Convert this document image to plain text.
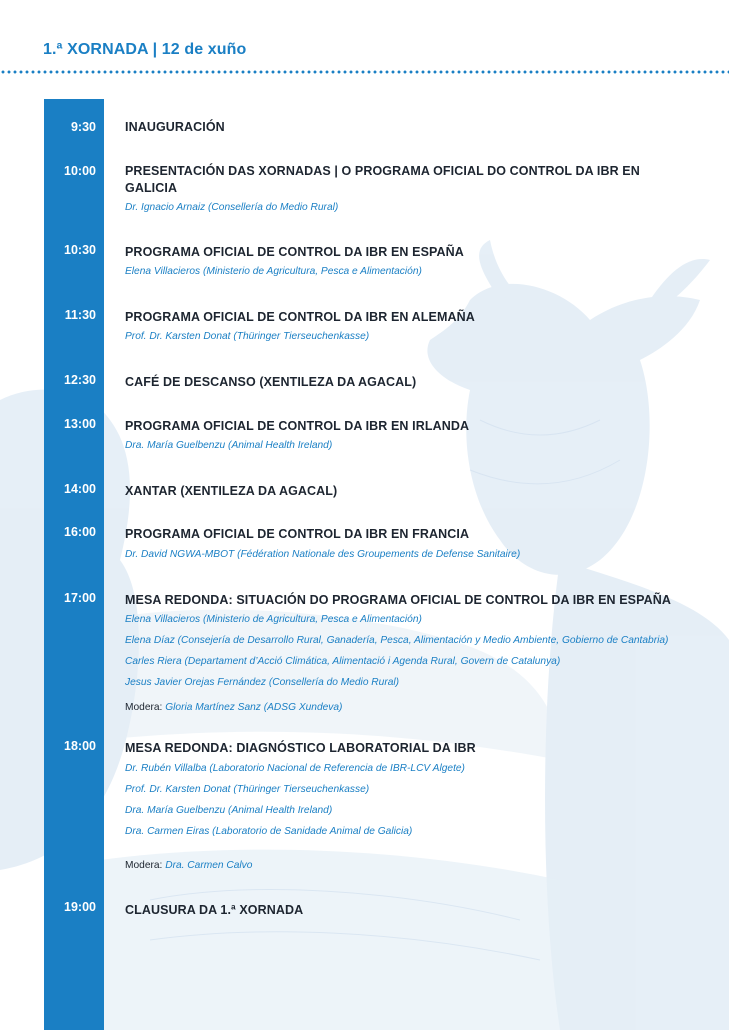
1.ª XORNADA | 12 de xuño
9:30 INAUGURACIÓN
10:00 PRESENTACIÓN DAS XORNADAS | O PROGRAMA OFICIAL DO CONTROL DA IBR EN GALICIA
Dr. Ignacio Arnaiz (Consellería do Medio Rural)
10:30 PROGRAMA OFICIAL DE CONTROL DA IBR EN ESPAÑA
Elena Villacieros (Ministerio de Agricultura, Pesca e Alimentación)
11:30 PROGRAMA OFICIAL DE CONTROL DA IBR EN ALEMAÑA
Prof. Dr. Karsten Donat (Thüringer Tierseuchenkasse)
12:30 CAFÉ DE DESCANSO (XENTILEZA DA AGACAL)
13:00 PROGRAMA OFICIAL DE CONTROL DA IBR EN IRLANDA
Dra. María Guelbenzu (Animal Health Ireland)
14:00 XANTAR (XENTILEZA DA AGACAL)
16:00 PROGRAMA OFICIAL DE CONTROL DA IBR EN FRANCIA
Dr. David NGWA-MBOT (Fédération Nationale des Groupements de Defense Sanitaire)
17:00 MESA REDONDA: SITUACIÓN DO PROGRAMA OFICIAL DE CONTROL DA IBR EN ESPAÑA
Elena Villacieros (Ministerio de Agricultura, Pesca e Alimentación)
Elena Díaz (Consejería de Desarrollo Rural, Ganadería, Pesca, Alimentación y Medio Ambiente, Gobierno de Cantabria)
Carles Riera (Departament d’Acció Climática, Alimentació i Agenda Rural, Govern de Catalunya)
Jesus Javier Orejas Fernández (Consellería do Medio Rural)
Modera: Gloria Martínez Sanz (ADSG Xundeva)
18:00 MESA REDONDA: DIAGNÓSTICO LABORATORIAL DA IBR
Dr. Rubén Villalba (Laboratorio Nacional de Referencia de IBR-LCV Algete)
Prof. Dr. Karsten Donat (Thüringer Tierseuchenkasse)
Dra. María Guelbenzu (Animal Health Ireland)
Dra. Carmen Eiras (Laboratorio de Sanidade Animal de Galicia)
Modera: Dra. Carmen Calvo
19:00 CLAUSURA DA 1.ª XORNADA
